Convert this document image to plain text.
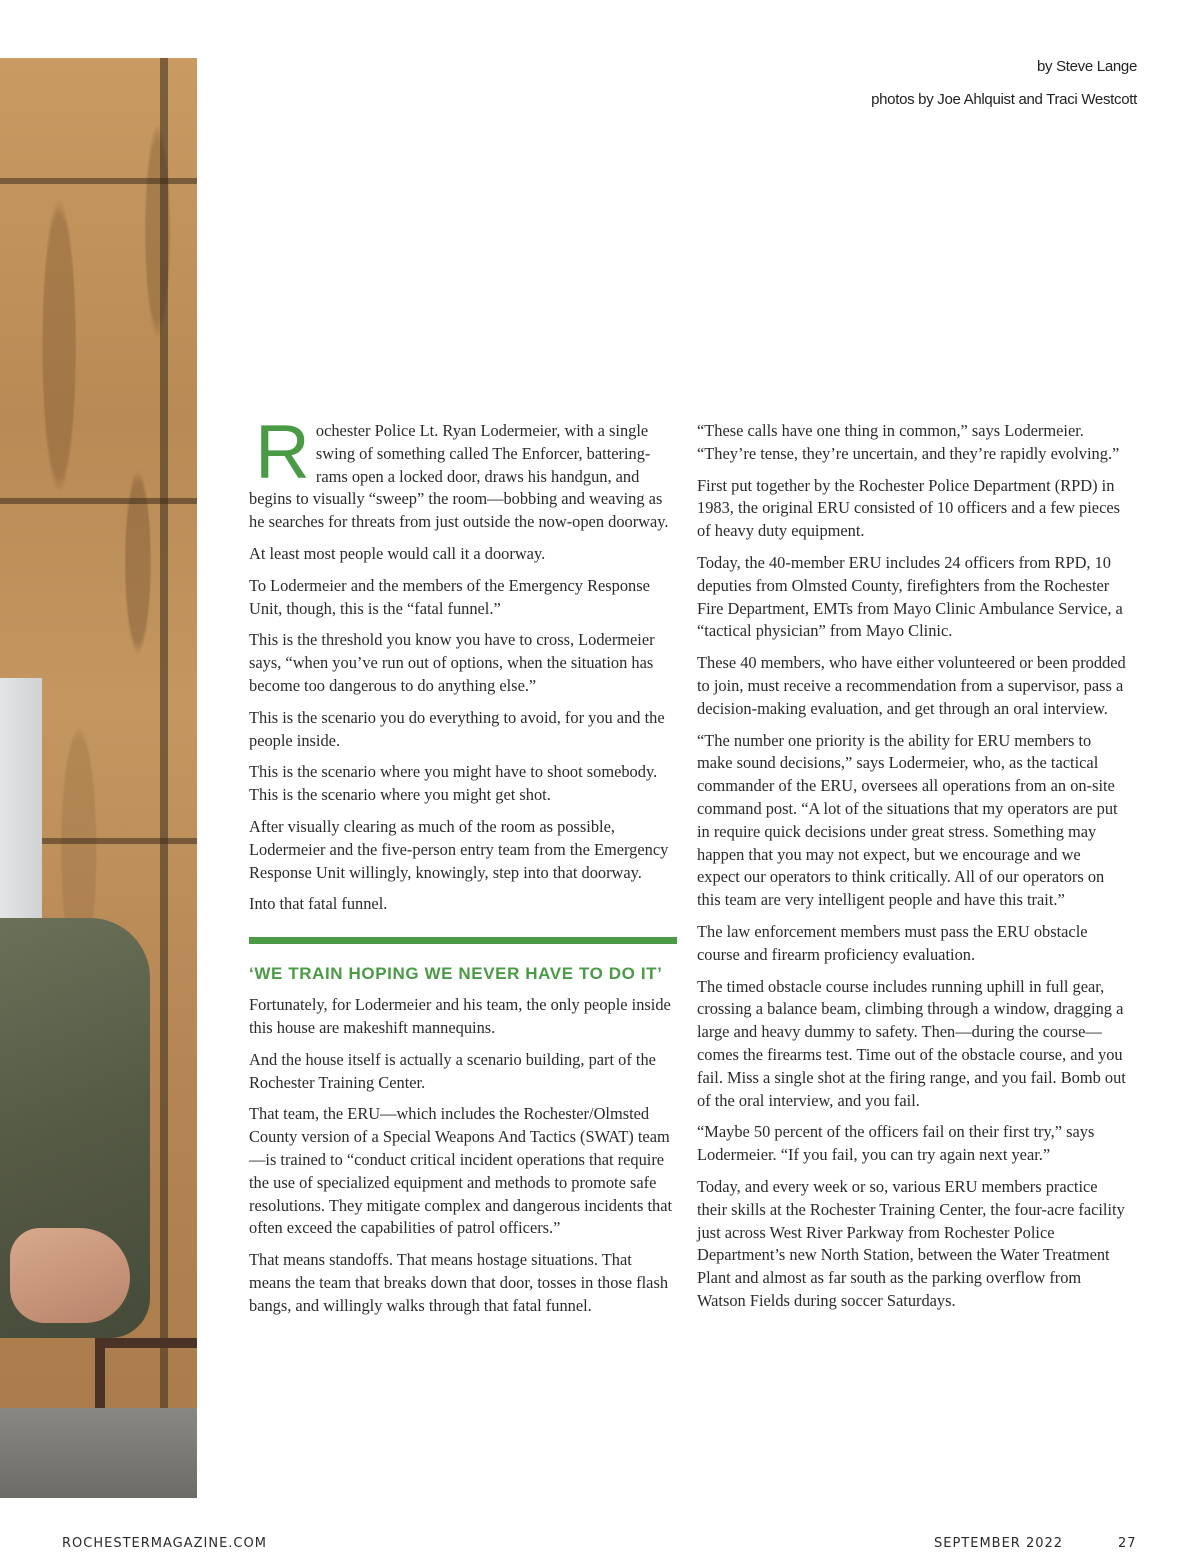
by Steve Lange
photos by Joe Ahlquist and Traci Westcott

Rochester Police Lt. Ryan Lodermeier, with a single swing of something called The Enforcer, battering-rams open a locked door, draws his handgun, and begins to visually “sweep” the room—bobbing and weaving as he searches for threats from just outside the now-open doorway.

At least most people would call it a doorway.

To Lodermeier and the members of the Emergency Response Unit, though, this is the “fatal funnel.”

This is the threshold you know you have to cross, Lodermeier says, “when you’ve run out of options, when the situation has become too dangerous to do anything else.”

This is the scenario you do everything to avoid, for you and the people inside.

This is the scenario where you might have to shoot somebody. This is the scenario where you might get shot.

After visually clearing as much of the room as possible, Lodermeier and the five-person entry team from the Emergency Response Unit willingly, knowingly, step into that doorway.

Into that fatal funnel.

‘WE TRAIN HOPING WE NEVER HAVE TO DO IT’

Fortunately, for Lodermeier and his team, the only people inside this house are makeshift mannequins.

And the house itself is actually a scenario building, part of the Rochester Training Center.

That team, the ERU—which includes the Rochester/Olmsted County version of a Special Weapons And Tactics (SWAT) team—is trained to “conduct critical incident operations that require the use of specialized equipment and methods to promote safe resolutions. They mitigate complex and dangerous incidents that often exceed the capabilities of patrol officers.”

That means standoffs. That means hostage situations. That means the team that breaks down that door, tosses in those flash bangs, and willingly walks through that fatal funnel.

“These calls have one thing in common,” says Lodermeier. “They’re tense, they’re uncertain, and they’re rapidly evolving.”

First put together by the Rochester Police Department (RPD) in 1983, the original ERU consisted of 10 officers and a few pieces of heavy duty equipment.

Today, the 40-member ERU includes 24 officers from RPD, 10 deputies from Olmsted County, firefighters from the Rochester Fire Department, EMTs from Mayo Clinic Ambulance Service, a “tactical physician” from Mayo Clinic.

These 40 members, who have either volunteered or been prodded to join, must receive a recommendation from a supervisor, pass a decision-making evaluation, and get through an oral interview.

“The number one priority is the ability for ERU members to make sound decisions,” says Lodermeier, who, as the tactical commander of the ERU, oversees all operations from an on-site command post. “A lot of the situations that my operators are put in require quick decisions under great stress. Something may happen that you may not expect, but we encourage and we expect our operators to think critically. All of our operators on this team are very intelligent people and have this trait.”

The law enforcement members must pass the ERU obstacle course and firearm proficiency evaluation.

The timed obstacle course includes running uphill in full gear, crossing a balance beam, climbing through a window, dragging a large and heavy dummy to safety. Then—during the course—comes the firearms test. Time out of the obstacle course, and you fail. Miss a single shot at the firing range, and you fail. Bomb out of the oral interview, and you fail.

“Maybe 50 percent of the officers fail on their first try,” says Lodermeier. “If you fail, you can try again next year.”

Today, and every week or so, various ERU members practice their skills at the Rochester Training Center, the four-acre facility just across West River Parkway from Rochester Police Department’s new North Station, between the Water Treatment Plant and almost as far south as the parking overflow from Watson Fields during soccer Saturdays.

ROCHESTERMAGAZINE.COM	SEPTEMBER 2022	27
